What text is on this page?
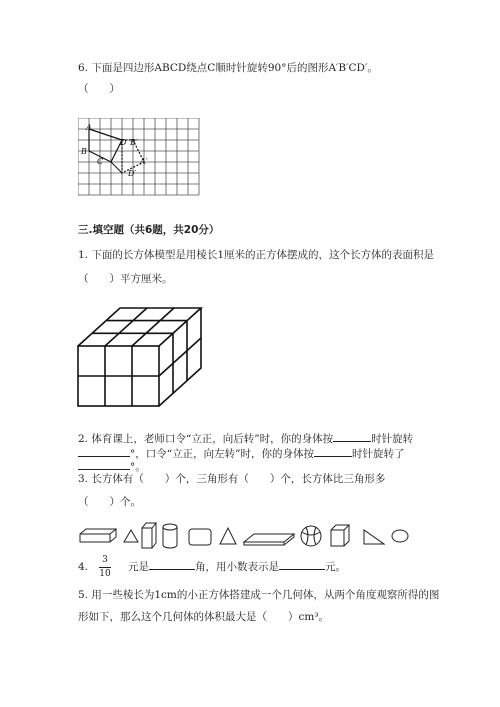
6. 下面是四边形ABCD绕点C顺时针旋转90°后的图形A′B′CD′。
（　　）
A
D B′
B
C	A′
D′
三.填空题（共6题，共20分）
1. 下面的长方体模型是用棱长1厘米的正方体摆成的，这个长方体的表面积是
（　　）平方厘米。
2. 体育课上，老师口令“立正，向后转”时，你的身体按	时针旋转
°，口令“立正，向左转”时，你的身体按	时针旋转了
°。
3. 长方体有（　　）个，三角形有（　　）个，长方体比三角形多
（　　）个。
4.
3
10
元是	角，用小数表示是	元。
5. 用一些棱长为1cm的小正方体搭建成一个几何体，从两个角度观察所得的图
形如下，那么这个几何体的体积最大是（　　）cm³。
